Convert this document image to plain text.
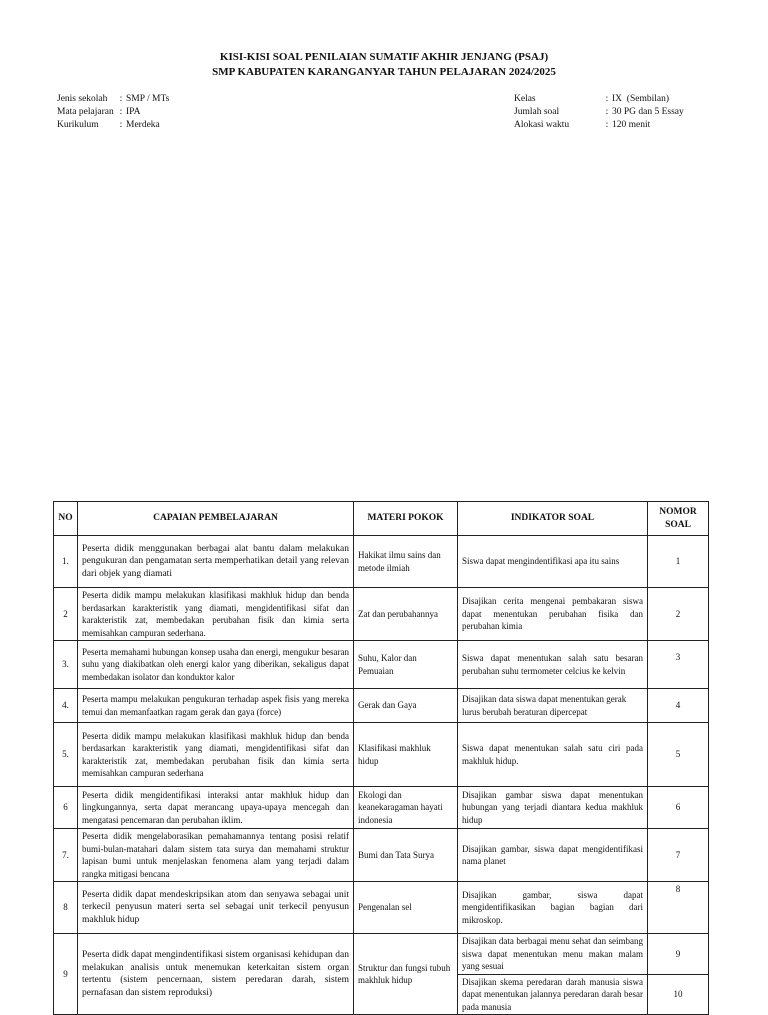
KISI-KISI SOAL PENILAIAN SUMATIF AKHIR JENJANG (PSAJ)
SMP KABUPATEN KARANGANYAR TAHUN PELAJARAN 2024/2025
Jenis sekolah	: SMP / MTs
Mata pelajaran : IPA
Kurikulum	: Merdeka
Kelas	: IX  (Sembilan)
Jumlah soal	: 30 PG dan 5 Essay
Alokasi waktu	: 120 menit
NO	CAPAIAN PEMBELAJARAN	MATERI POKOK	INDIKATOR SOAL	NOMOR SOAL
1.	Peserta didik menggunakan berbagai alat bantu dalam melakukan pengukuran dan pengamatan serta memperhatikan detail yang relevan dari objek yang diamati	Hakikat ilmu sains dan metode ilmiah	Siswa dapat mengindentifikasi apa itu sains	1
2	Peserta didik mampu melakukan klasifikasi makhluk hidup dan benda berdasarkan karakteristik yang diamati, mengidentifikasi sifat dan karakteristik zat, membedakan perubahan fisik dan kimia serta memisahkan campuran sederhana.	Zat dan perubahannya	Disajikan cerita mengenai pembakaran siswa dapat menentukan perubahan fisika dan perubahan kimia	2
3.	Peserta memahami hubungan konsep usaha dan energi, mengukur besaran suhu yang diakibatkan oleh energi kalor yang diberikan, sekaligus dapat membedakan isolator dan konduktor kalor	Suhu, Kalor dan Pemuaian	Siswa dapat menentukan salah satu besaran perubahan suhu termometer celcius ke kelvin	3
4.	Peserta mampu melakukan pengukuran terhadap aspek fisis yang mereka temui dan memanfaatkan ragam gerak dan gaya (force)	Gerak dan Gaya	Disajikan data siswa dapat menentukan gerak lurus berubah beraturan dipercepat	4
5.	Peserta didik mampu melakukan klasifikasi makhluk hidup dan benda berdasarkan karakteristik yang diamati, mengidentifikasi sifat dan karakteristik zat, membedakan perubahan fisik dan kimia serta memisahkan campuran sederhana	Klasifikasi makhluk hidup	Siswa dapat menentukan salah satu ciri pada makhluk hidup.	5
6	Peserta didik mengidentifikasi interaksi antar makhluk hidup dan lingkungannya, serta dapat merancang upaya-upaya mencegah dan mengatasi pencemaran dan perubahan iklim.	Ekologi dan keanekaragaman hayati indonesia	Disajikan gambar siswa dapat menentukan hubungan yang terjadi diantara kedua makhluk hidup	6
7.	Peserta didik mengelaborasikan pemahamannya tentang posisi relatif bumi-bulan-matahari dalam sistem tata surya dan memahami struktur lapisan bumi untuk menjelaskan fenomena alam yang terjadi dalam rangka mitigasi bencana	Bumi dan Tata Surya	Disajikan gambar, siswa dapat mengidentifikasi nama planet	7
8	Peserta didik dapat mendeskripsikan atom dan senyawa sebagai unit terkecil penyusun materi serta sel sebagai unit terkecil penyusun makhluk hidup	Pengenalan sel	Disajikan gambar, siswa dapat mengidentifikasikan bagian bagian dari mikroskop.	8
9	Peserta didk dapat mengindentifikasi sistem organisasi kehidupan dan melakukan analisis untuk menemukan keterkaitan sistem organ tertentu (sistem pencernaan, sistem peredaran darah, sistem pernafasan dan sistem reproduksi)	Struktur dan fungsi tubuh makhluk hidup	Disajikan data berbagai menu sehat dan seimbang siswa dapat menentukan menu makan malam yang sesuai	9
			Disajikan skema peredaran darah manusia siswa dapat menentukan jalannya peredaran darah besar pada manusia	10
